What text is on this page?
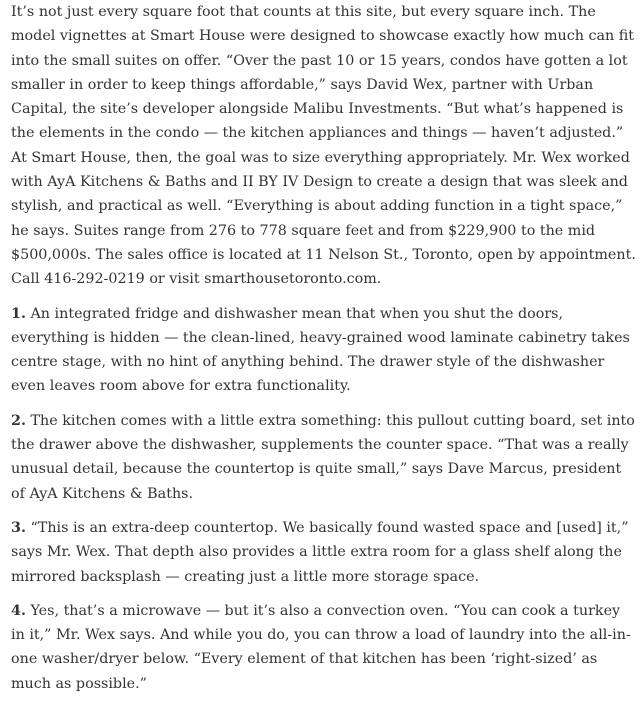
It’s not just every square foot that counts at this site, but every square inch. The model vignettes at Smart House were designed to showcase exactly how much can fit into the small suites on offer. “Over the past 10 or 15 years, condos have gotten a lot smaller in order to keep things affordable,” says David Wex, partner with Urban Capital, the site’s developer alongside Malibu Investments. “But what’s happened is the elements in the condo — the kitchen appliances and things — haven’t adjusted.” At Smart House, then, the goal was to size everything appropriately. Mr. Wex worked with AyA Kitchens & Baths and II BY IV Design to create a design that was sleek and stylish, and practical as well. “Everything is about adding function in a tight space,” he says. Suites range from 276 to 778 square feet and from $229,900 to the mid $500,000s. The sales office is located at 11 Nelson St., Toronto, open by appointment. Call 416-292-0219 or visit smarthousetoronto.com.

1. An integrated fridge and dishwasher mean that when you shut the doors, everything is hidden — the clean-lined, heavy-grained wood laminate cabinetry takes centre stage, with no hint of anything behind. The drawer style of the dishwasher even leaves room above for extra functionality.

2. The kitchen comes with a little extra something: this pullout cutting board, set into the drawer above the dishwasher, supplements the counter space. “That was a really unusual detail, because the countertop is quite small,” says Dave Marcus, president of AyA Kitchens & Baths.

3. “This is an extra-deep countertop. We basically found wasted space and [used] it,” says Mr. Wex. That depth also provides a little extra room for a glass shelf along the mirrored backsplash — creating just a little more storage space.

4. Yes, that’s a microwave — but it’s also a convection oven. “You can cook a turkey in it,” Mr. Wex says. And while you do, you can throw a load of laundry into the all-in-one washer/dryer below. “Every element of that kitchen has been ‘right-sized’ as much as possible.”
